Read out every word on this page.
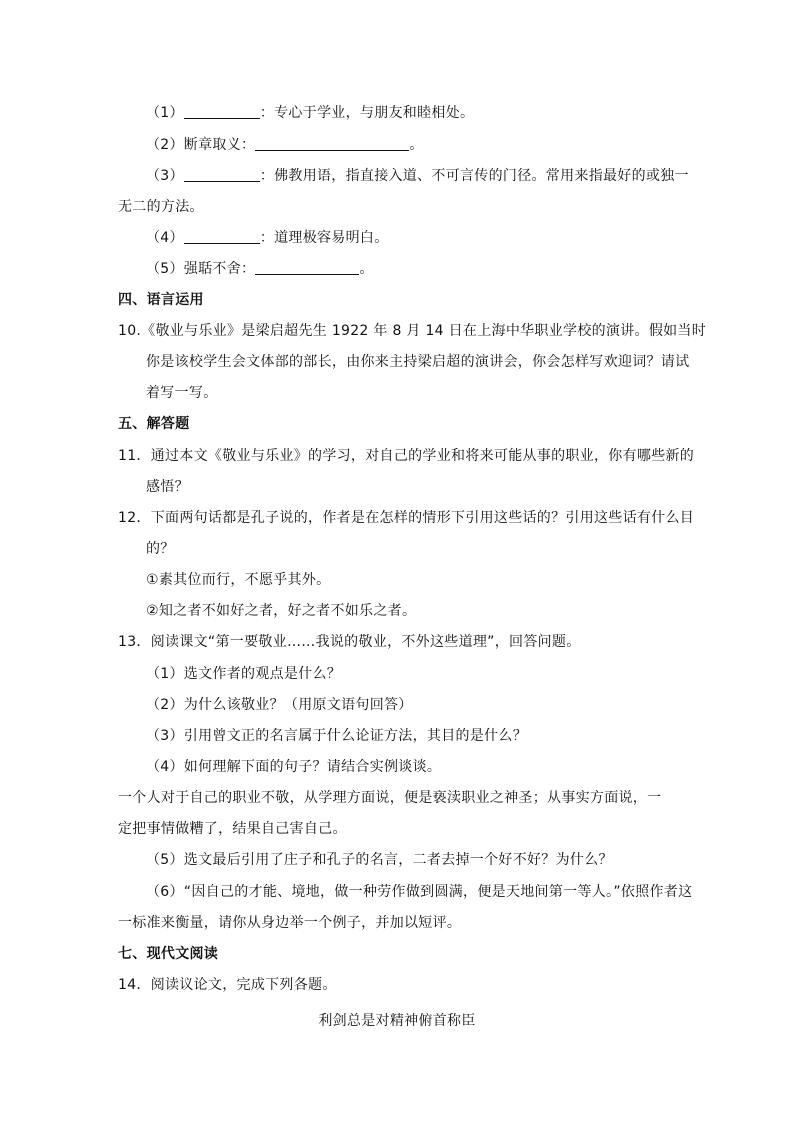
（1）	：专心于学业，与朋友和睦相处。
（2）断章取义：	。
（3）	：佛教用语，指直接入道、不可言传的门径。常用来指最好的或独一
无二的方法。
（4）	：道理极容易明白。
（5）强聒不舍：	。
四、语言运用
10.《敬业与乐业》是梁启超先生 1922 年 8 月 14 日在上海中华职业学校的演讲。假如当时
你是该校学生会文体部的部长，由你来主持梁启超的演讲会，你会怎样写欢迎词？请试
着写一写。
五、解答题
11．通过本文《敬业与乐业》的学习，对自己的学业和将来可能从事的职业，你有哪些新的
感悟？
12．下面两句话都是孔子说的，作者是在怎样的情形下引用这些话的？引用这些话有什么目
的？
①素其位而行，不愿乎其外。
②知之者不如好之者，好之者不如乐之者。
13．阅读课文“第一要敬业……我说的敬业，不外这些道理”，回答问题。
（1）选文作者的观点是什么？
（2）为什么该敬业？（用原文语句回答）
（3）引用曾文正的名言属于什么论证方法，其目的是什么？
（4）如何理解下面的句子？请结合实例谈谈。
一个人对于自己的职业不敬，从学理方面说，便是亵渎职业之神圣；从事实方面说，一
定把事情做糟了，结果自己害自己。
（5）选文最后引用了庄子和孔子的名言，二者去掉一个好不好？为什么？
（6）“因自己的才能、境地，做一种劳作做到圆满，便是天地间第一等人。”依照作者这
一标准来衡量，请你从身边举一个例子，并加以短评。
七、现代文阅读
14．阅读议论文，完成下列各题。
利剑总是对精神俯首称臣
